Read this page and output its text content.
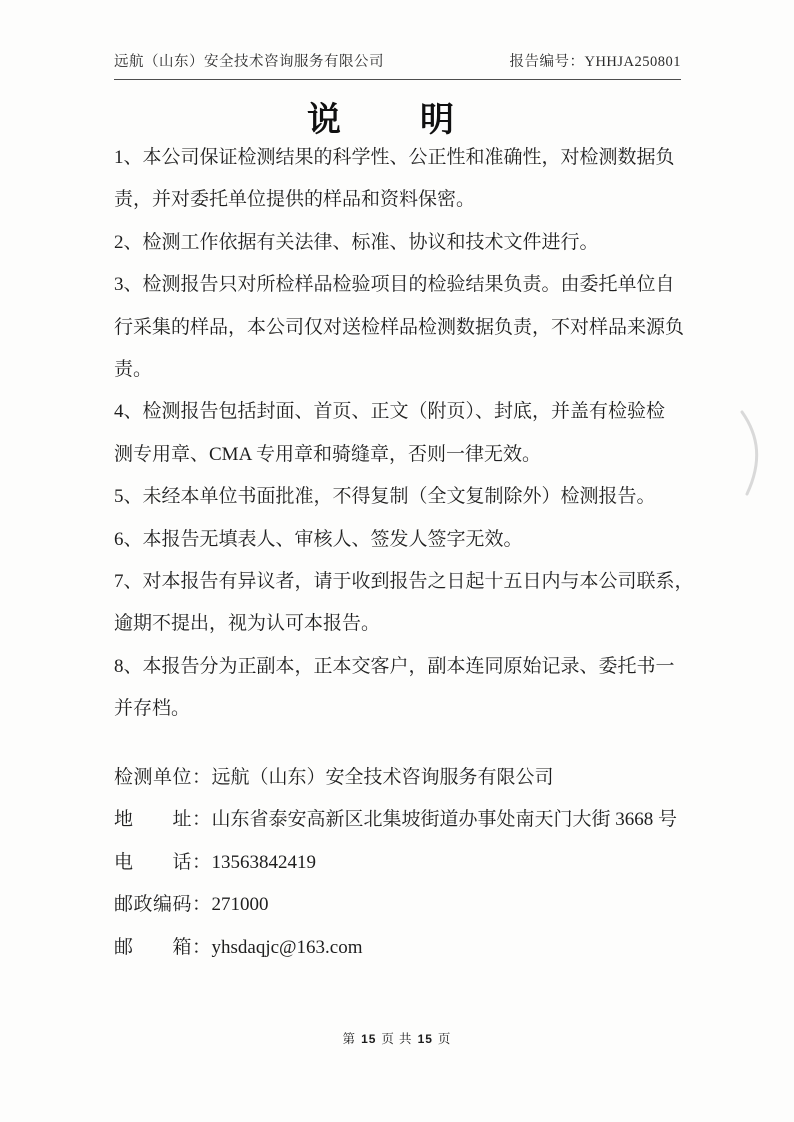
远航（山东）安全技术咨询服务有限公司	报告编号：YHHJA250801
说 明
1、本公司保证检测结果的科学性、公正性和准确性，对检测数据负
责，并对委托单位提供的样品和资料保密。
2、检测工作依据有关法律、标准、协议和技术文件进行。
3、检测报告只对所检样品检验项目的检验结果负责。由委托单位自
行采集的样品，本公司仅对送检样品检测数据负责，不对样品来源负
责。
4、检测报告包括封面、首页、正文（附页）、封底，并盖有检验检
测专用章、CMA 专用章和骑缝章，否则一律无效。
5、未经本单位书面批准，不得复制（全文复制除外）检测报告。
6、本报告无填表人、审核人、签发人签字无效。
7、对本报告有异议者，请于收到报告之日起十五日内与本公司联系，
逾期不提出，视为认可本报告。
8、本报告分为正副本，正本交客户，副本连同原始记录、委托书一
并存档。
检测单位：远航（山东）安全技术咨询服务有限公司
地　　址：山东省泰安高新区北集坡街道办事处南天门大街 3668 号
电　　话：13563842419
邮政编码：271000
邮　　箱：yhsdaqjc@163.com
第 15 页 共 15 页
